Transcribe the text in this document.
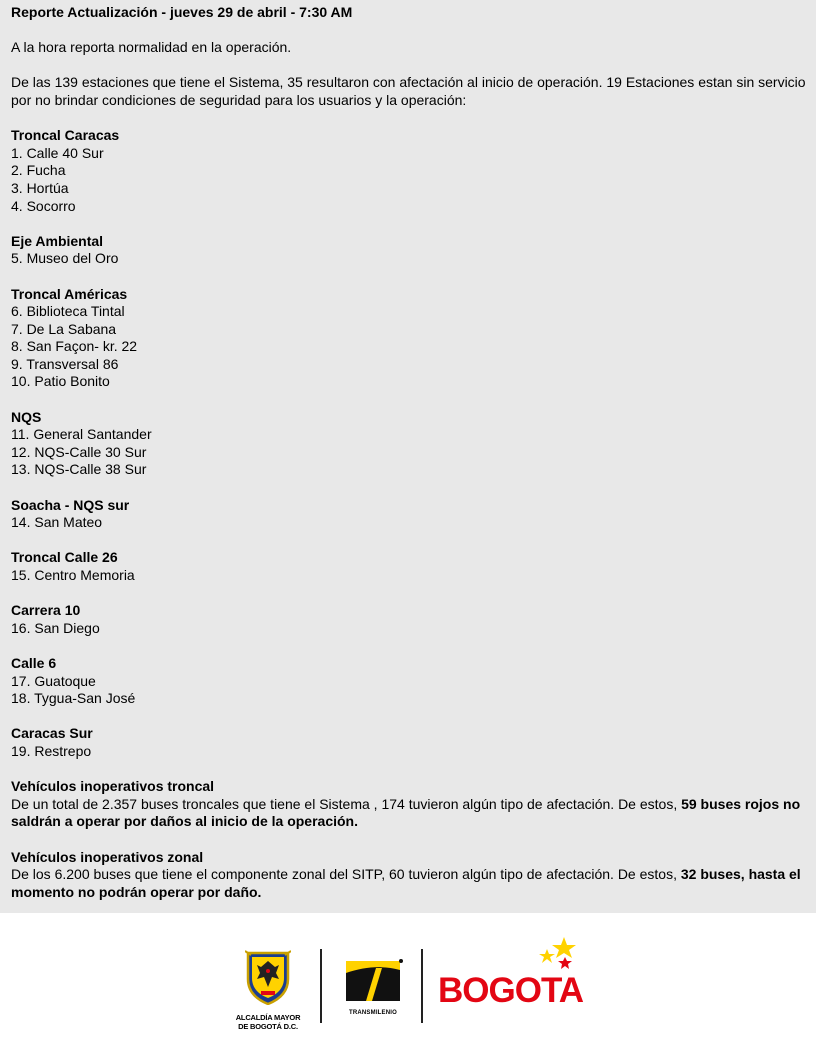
Reporte Actualización - jueves 29 de abril - 7:30 AM

A la hora reporta normalidad en la operación.

De las 139 estaciones que tiene el Sistema, 35 resultaron con afectación al inicio de operación. 19 Estaciones estan sin servicio por no brindar condiciones de seguridad para los usuarios y la operación:

Troncal Caracas

1. Calle 40 Sur

2. Fucha

3. Hortúa

4. Socorro

Eje Ambiental

5. Museo del Oro

Troncal Américas

6. Biblioteca Tintal

7. De La Sabana

8. San Façon- kr. 22

9. Transversal 86

10. Patio Bonito

NQS

11. General Santander

12. NQS-Calle 30 Sur

13. NQS-Calle 38 Sur

Soacha - NQS sur

14. San Mateo

Troncal Calle 26

15. Centro Memoria

Carrera 10

16. San Diego

Calle 6

17. Guatoque

18. Tygua-San José

Caracas Sur

19. Restrepo

Vehículos inoperativos troncal

De un total de 2.357 buses troncales que tiene el Sistema , 174 tuvieron algún tipo de afectación. De estos, 59 buses rojos no saldrán a operar por daños al inicio de la operación.

Vehículos inoperativos zonal

De los 6.200 buses que tiene el componente zonal del SITP, 60 tuvieron algún tipo de afectación. De estos, 32 buses, hasta el momento no podrán operar por daño.

ALCALDÍA MAYOR
DE BOGOTÁ D.C.
TRANSMILENIO
BOGOTA
